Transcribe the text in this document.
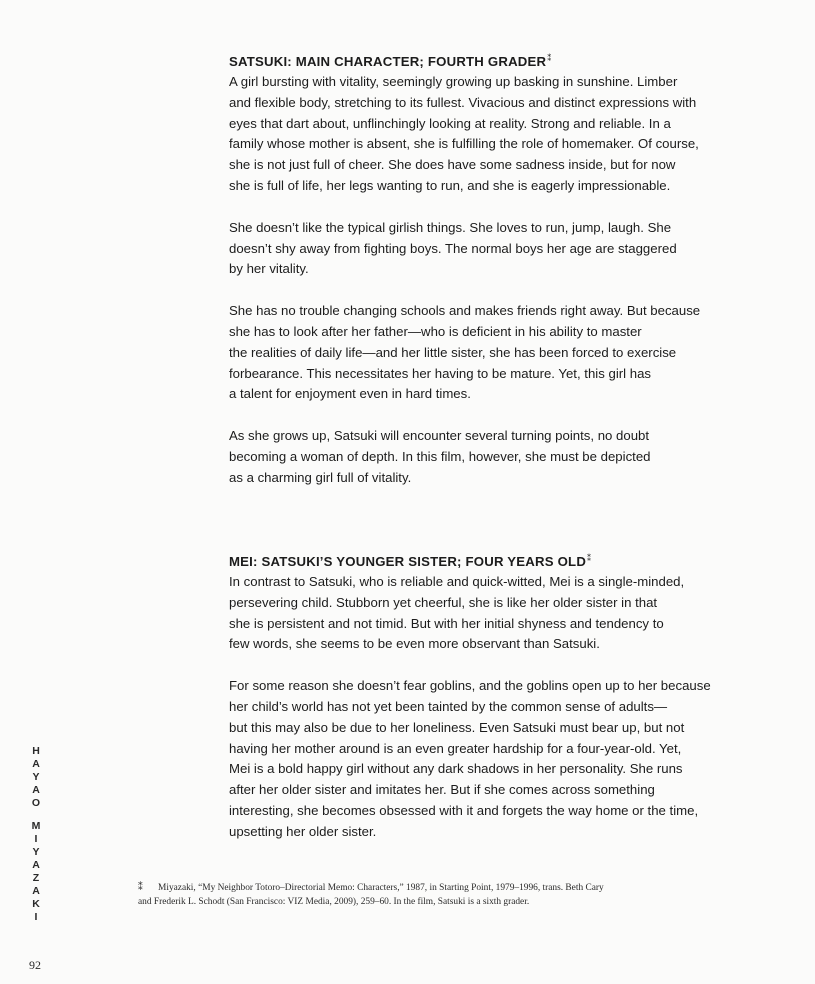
SATSUKI: MAIN CHARACTER; FOURTH GRADER⁑
A girl bursting with vitality, seemingly growing up basking in sunshine. Limber
and flexible body, stretching to its fullest. Vivacious and distinct expressions with
eyes that dart about, unflinchingly looking at reality. Strong and reliable. In a
family whose mother is absent, she is fulfilling the role of homemaker. Of course,
she is not just full of cheer. She does have some sadness inside, but for now
she is full of life, her legs wanting to run, and she is eagerly impressionable.
She doesn’t like the typical girlish things. She loves to run, jump, laugh. She
doesn’t shy away from fighting boys. The normal boys her age are staggered
by her vitality.
She has no trouble changing schools and makes friends right away. But because
she has to look after her father—who is deficient in his ability to master
the realities of daily life—and her little sister, she has been forced to exercise
forbearance. This necessitates her having to be mature. Yet, this girl has
a talent for enjoyment even in hard times.
As she grows up, Satsuki will encounter several turning points, no doubt
becoming a woman of depth. In this film, however, she must be depicted
as a charming girl full of vitality.
MEI: SATSUKI’S YOUNGER SISTER; FOUR YEARS OLD⁑
In contrast to Satsuki, who is reliable and quick-witted, Mei is a single-minded,
persevering child. Stubborn yet cheerful, she is like her older sister in that
she is persistent and not timid. But with her initial shyness and tendency to
few words, she seems to be even more observant than Satsuki.
For some reason she doesn’t fear goblins, and the goblins open up to her because
her child’s world has not yet been tainted by the common sense of adults—
but this may also be due to her loneliness. Even Satsuki must bear up, but not
having her mother around is an even greater hardship for a four-year-old. Yet,
Mei is a bold happy girl without any dark shadows in her personality. She runs
after her older sister and imitates her. But if she comes across something
interesting, she becomes obsessed with it and forgets the way home or the time,
upsetting her older sister.
H
A
Y
A
O
M
I
Y
A
Z
A
K
I
⁑ Miyazaki, “My Neighbor Totoro–Directorial Memo: Characters,” 1987, in Starting Point, 1979–1996, trans. Beth Cary
and Frederik L. Schodt (San Francisco: VIZ Media, 2009), 259–60. In the film, Satsuki is a sixth grader.
92
